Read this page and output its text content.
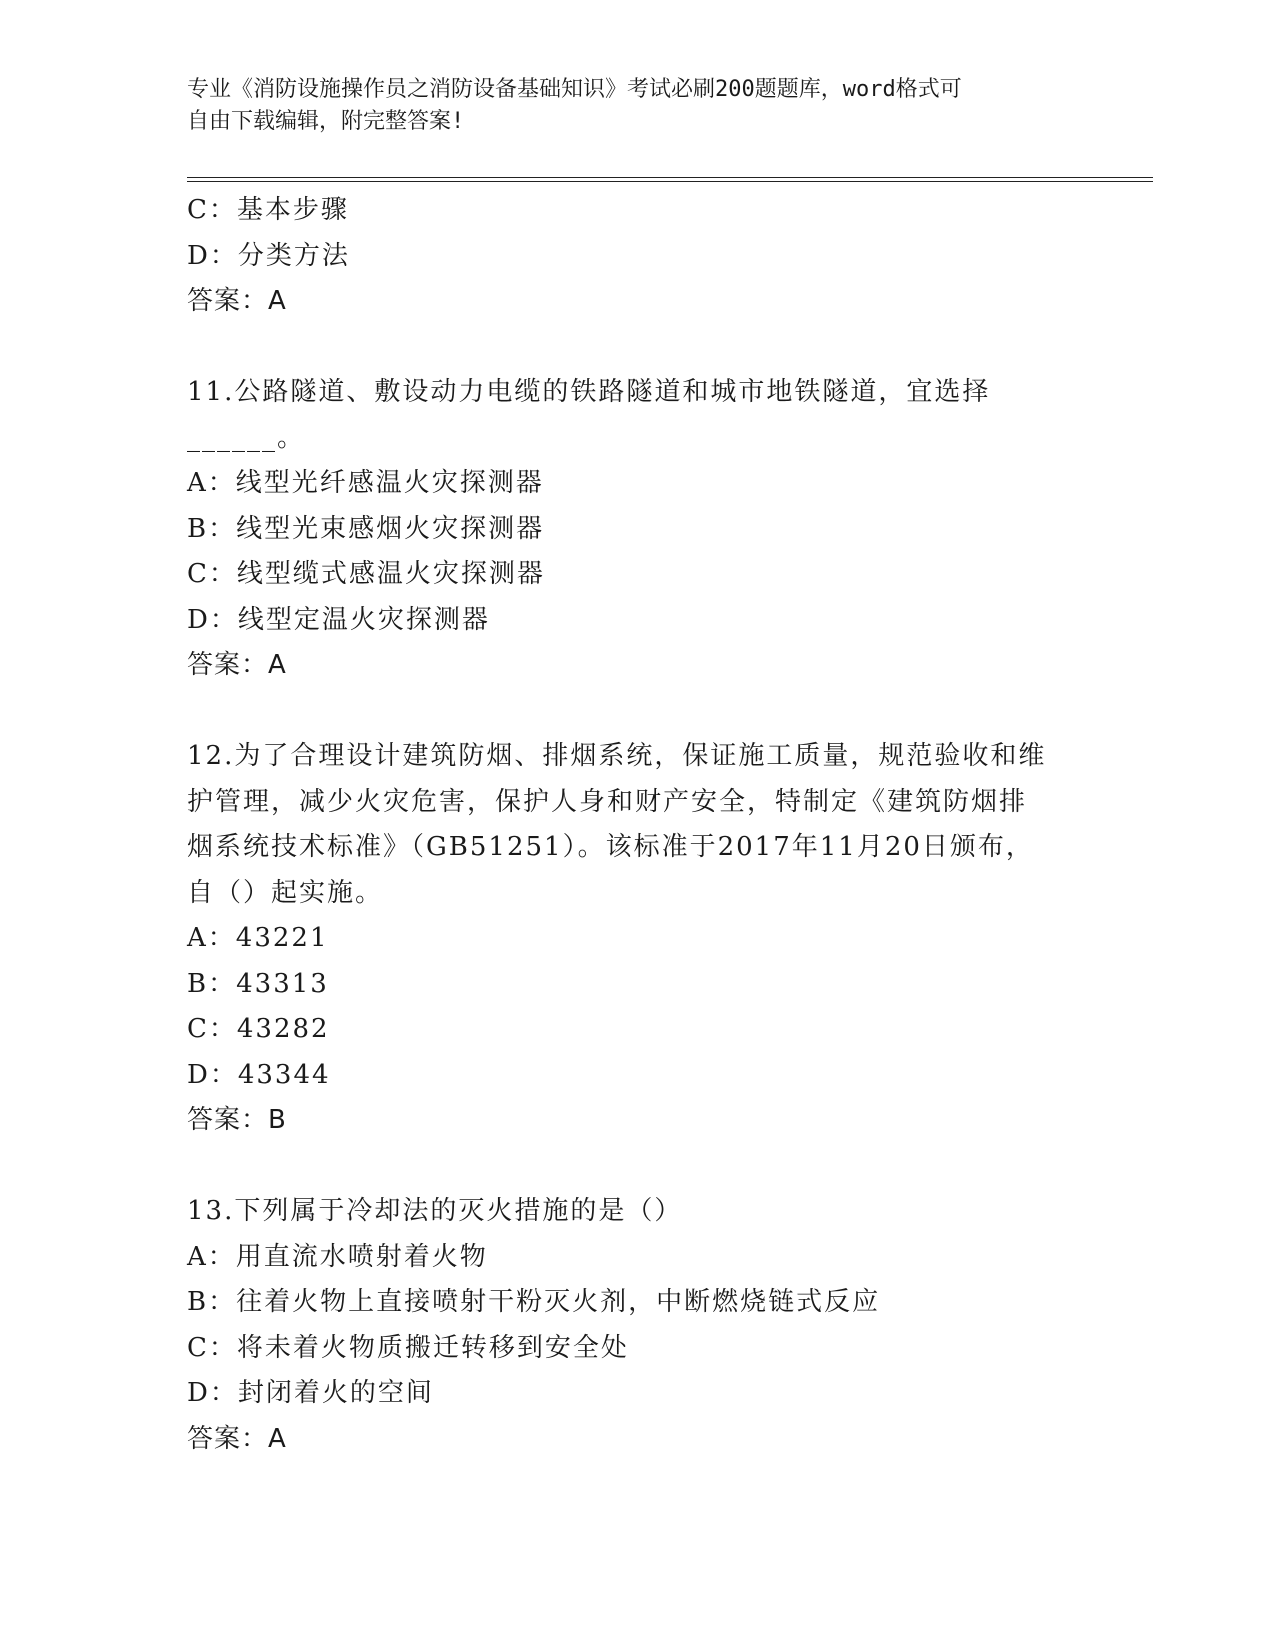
专业《消防设施操作员之消防设备基础知识》考试必刷200题题库，word格式可
自由下载编辑，附完整答案!
C：基本步骤
D：分类方法
答案：A
11.公路隧道、敷设动力电缆的铁路隧道和城市地铁隧道，宜选择
______。
A：线型光纤感温火灾探测器
B：线型光束感烟火灾探测器
C：线型缆式感温火灾探测器
D：线型定温火灾探测器
答案：A
12.为了合理设计建筑防烟、排烟系统，保证施工质量，规范验收和维
护管理，减少火灾危害，保护人身和财产安全，特制定《建筑防烟排
烟系统技术标准》（GB51251）。该标准于2017年11月20日颁布，
自（）起实施。
A：43221
B：43313
C：43282
D：43344
答案：B
13.下列属于冷却法的灭火措施的是（）
A：用直流水喷射着火物
B：往着火物上直接喷射干粉灭火剂，中断燃烧链式反应
C：将未着火物质搬迁转移到安全处
D：封闭着火的空间
答案：A
